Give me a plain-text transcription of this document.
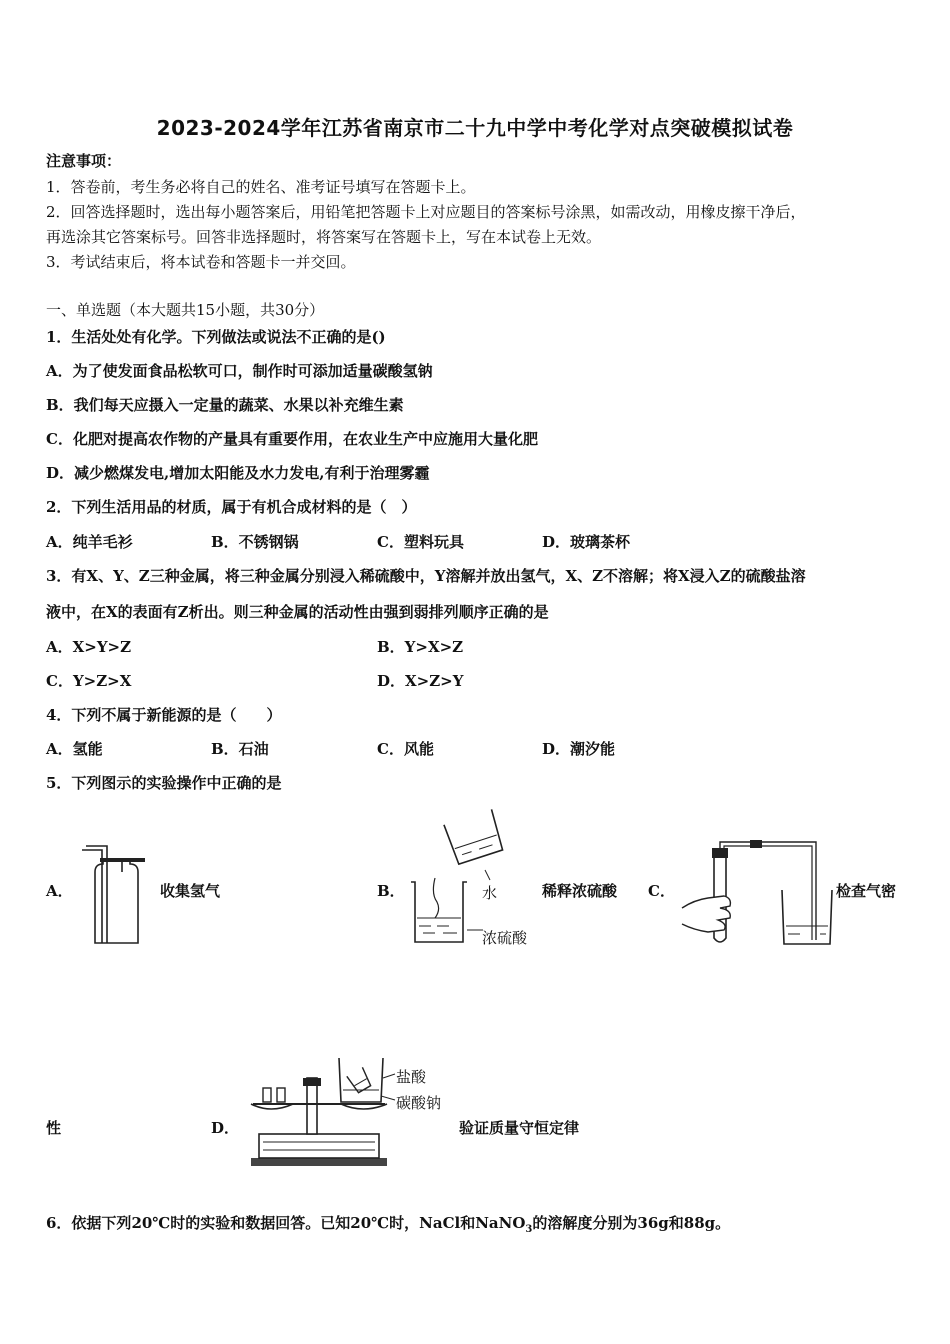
2023-2024学年江苏省南京市二十九中学中考化学对点突破模拟试卷
注意事项：
1．答卷前，考生务必将自己的姓名、准考证号填写在答题卡上。
2．回答选择题时，选出每小题答案后，用铅笔把答题卡上对应题目的答案标号涂黑，如需改动，用橡皮擦干净后，
再选涂其它答案标号。回答非选择题时，将答案写在答题卡上，写在本试卷上无效。
3．考试结束后，将本试卷和答题卡一并交回。
一、单选题（本大题共15小题，共30分）
1．生活处处有化学。下列做法或说法不正确的是()
A．为了使发面食品松软可口，制作时可添加适量碳酸氢钠
B．我们每天应摄入一定量的蔬菜、水果以补充维生素
C．化肥对提高农作物的产量具有重要作用，在农业生产中应施用大量化肥
D．减少燃煤发电,增加太阳能及水力发电,有利于治理雾霾
2．下列生活用品的材质，属于有机合成材料的是（　）
A．纯羊毛衫	B．不锈钢锅	C．塑料玩具	D．玻璃茶杯
3．有X、Y、Z三种金属，将三种金属分别浸入稀硫酸中，Y溶解并放出氢气，X、Z不溶解；将X浸入Z的硫酸盐溶
液中，在X的表面有Z析出。则三种金属的活动性由强到弱排列顺序正确的是
A．X>Y>Z	B．Y>X>Z
C．Y>Z>X	D．X>Z>Y
4．下列不属于新能源的是（　　）
A．氢能	B．石油	C．风能	D．潮汐能
5．下列图示的实验操作中正确的是
A．	收集氢气	B．	水
浓硫酸
稀释浓硫酸 C．	检查气密
性	D．
盐酸
碳酸钠
验证质量守恒定律
6．依据下列20℃时的实验和数据回答。已知20℃时，NaCl和NaNO$_3$的溶解度分别为36g和88g。
